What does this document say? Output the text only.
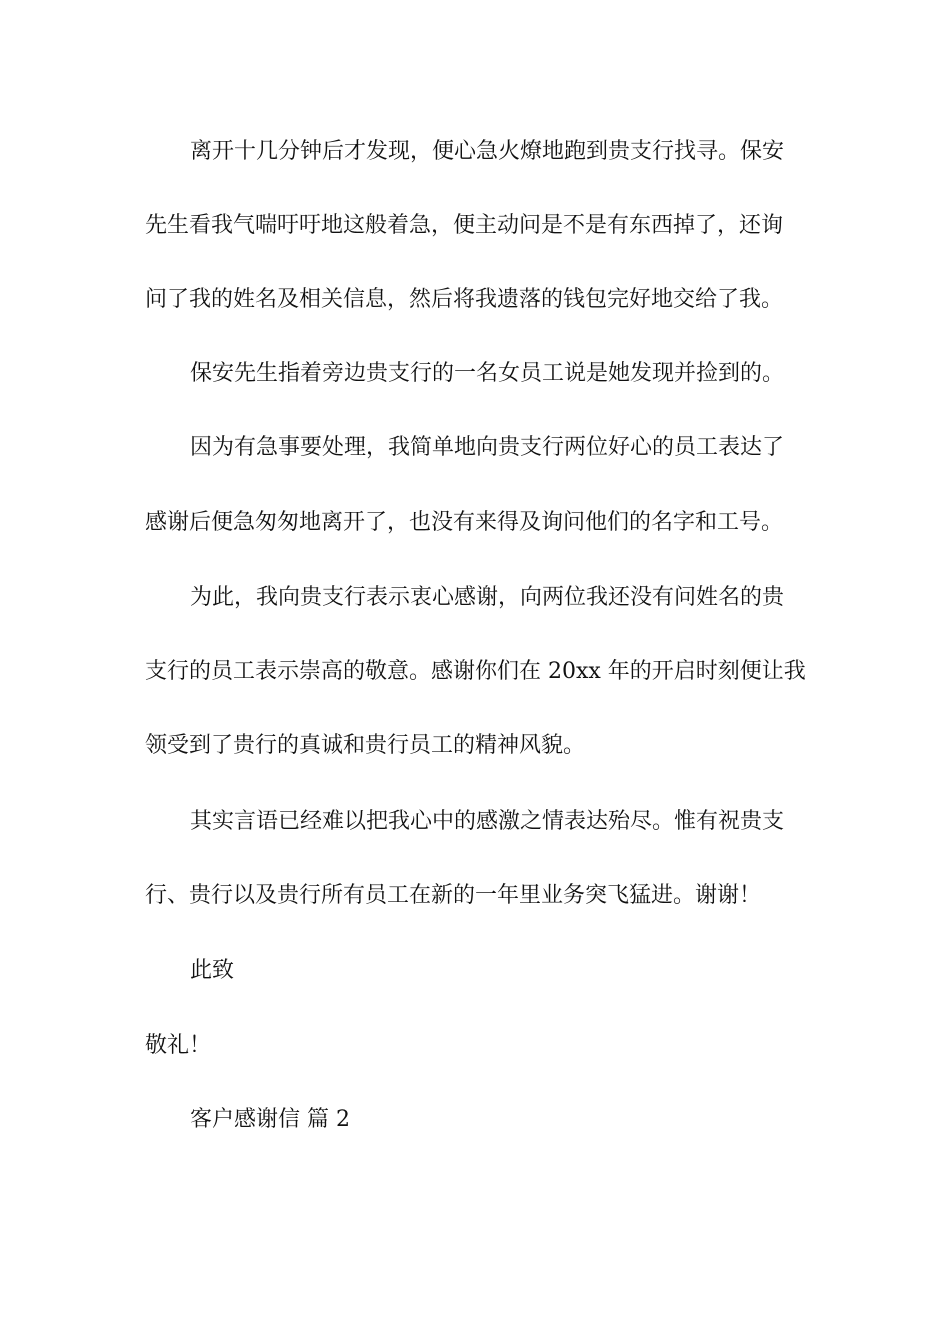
离开十几分钟后才发现，便心急火燎地跑到贵支行找寻。保安
先生看我气喘吁吁地这般着急，便主动问是不是有东西掉了，还询
问了我的姓名及相关信息，然后将我遗落的钱包完好地交给了我。
保安先生指着旁边贵支行的一名女员工说是她发现并捡到的。
因为有急事要处理，我简单地向贵支行两位好心的员工表达了
感谢后便急匆匆地离开了，也没有来得及询问他们的名字和工号。
为此，我向贵支行表示衷心感谢，向两位我还没有问姓名的贵
支行的员工表示崇高的敬意。感谢你们在 20xx 年的开启时刻便让我
领受到了贵行的真诚和贵行员工的精神风貌。
其实言语已经难以把我心中的感激之情表达殆尽。惟有祝贵支
行、贵行以及贵行所有员工在新的一年里业务突飞猛进。谢谢！
此致
敬礼！
客户感谢信 篇 2
